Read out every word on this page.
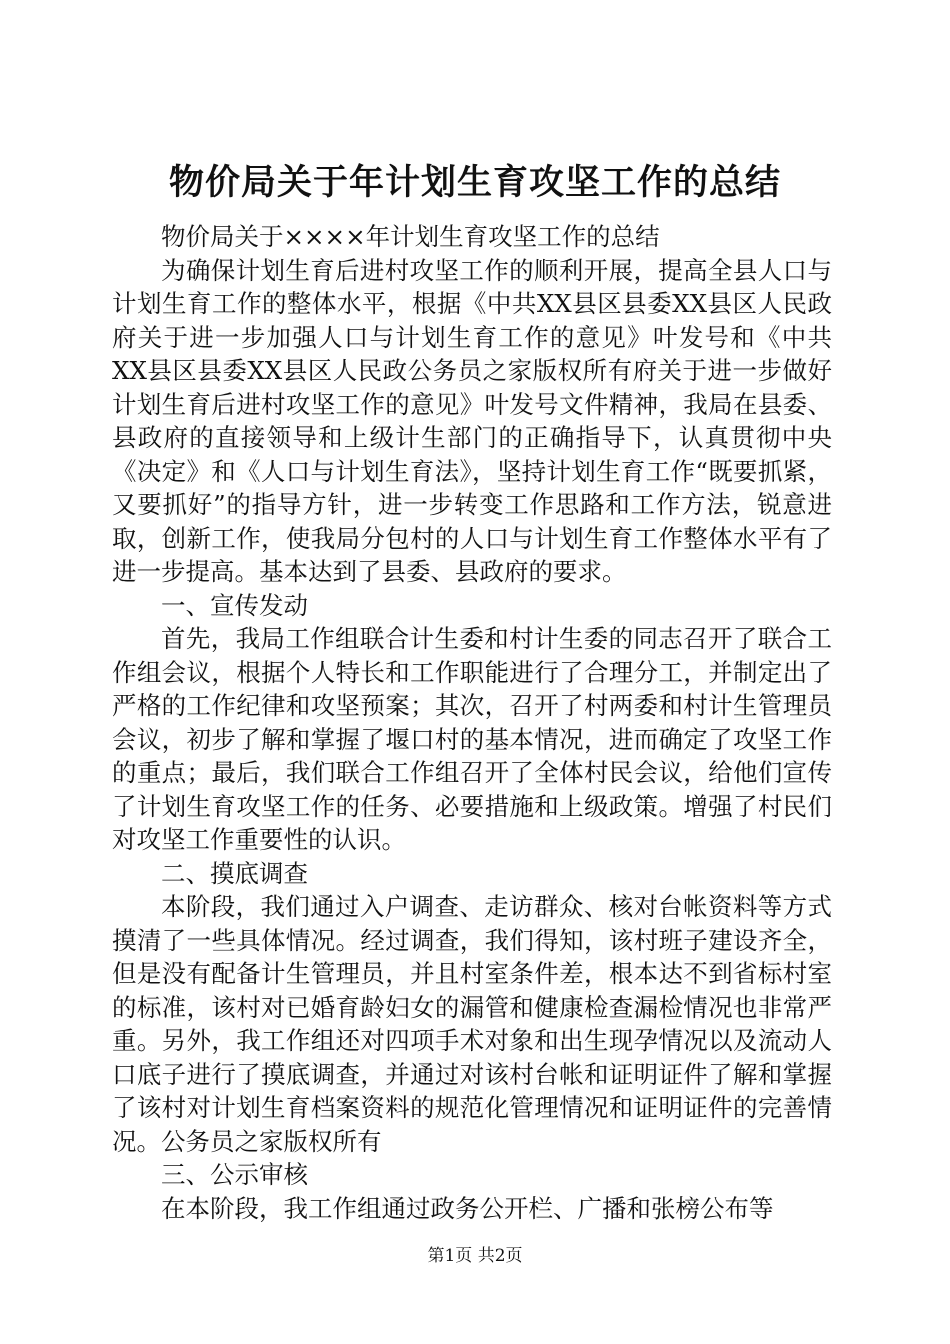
物价局关于年计划生育攻坚工作的总结

物价局关于××××年计划生育攻坚工作的总结

为确保计划生育后进村攻坚工作的顺利开展，提高全县人口与计划生育工作的整体水平，根据《中共XX县区县委XX县区人民政府关于进一步加强人口与计划生育工作的意见》叶发号和《中共XX县区县委XX县区人民政公务员之家版权所有府关于进一步做好计划生育后进村攻坚工作的意见》叶发号文件精神，我局在县委、县政府的直接领导和上级计生部门的正确指导下，认真贯彻中央《决定》和《人口与计划生育法》，坚持计划生育工作“既要抓紧，又要抓好”的指导方针，进一步转变工作思路和工作方法，锐意进取，创新工作，使我局分包村的人口与计划生育工作整体水平有了进一步提高。基本达到了县委、县政府的要求。

一、宣传发动

首先，我局工作组联合计生委和村计生委的同志召开了联合工作组会议，根据个人特长和工作职能进行了合理分工，并制定出了严格的工作纪律和攻坚预案；其次，召开了村两委和村计生管理员会议，初步了解和掌握了堰口村的基本情况，进而确定了攻坚工作的重点；最后，我们联合工作组召开了全体村民会议，给他们宣传了计划生育攻坚工作的任务、必要措施和上级政策。增强了村民们对攻坚工作重要性的认识。

二、摸底调查

本阶段，我们通过入户调查、走访群众、核对台帐资料等方式摸清了一些具体情况。经过调查，我们得知，该村班子建设齐全，但是没有配备计生管理员，并且村室条件差，根本达不到省标村室的标准，该村对已婚育龄妇女的漏管和健康检查漏检情况也非常严重。另外，我工作组还对四项手术对象和出生现孕情况以及流动人口底子进行了摸底调查，并通过对该村台帐和证明证件了解和掌握了该村对计划生育档案资料的规范化管理情况和证明证件的完善情况。公务员之家版权所有

三、公示审核

在本阶段，我工作组通过政务公开栏、广播和张榜公布等

第1页 共2页
